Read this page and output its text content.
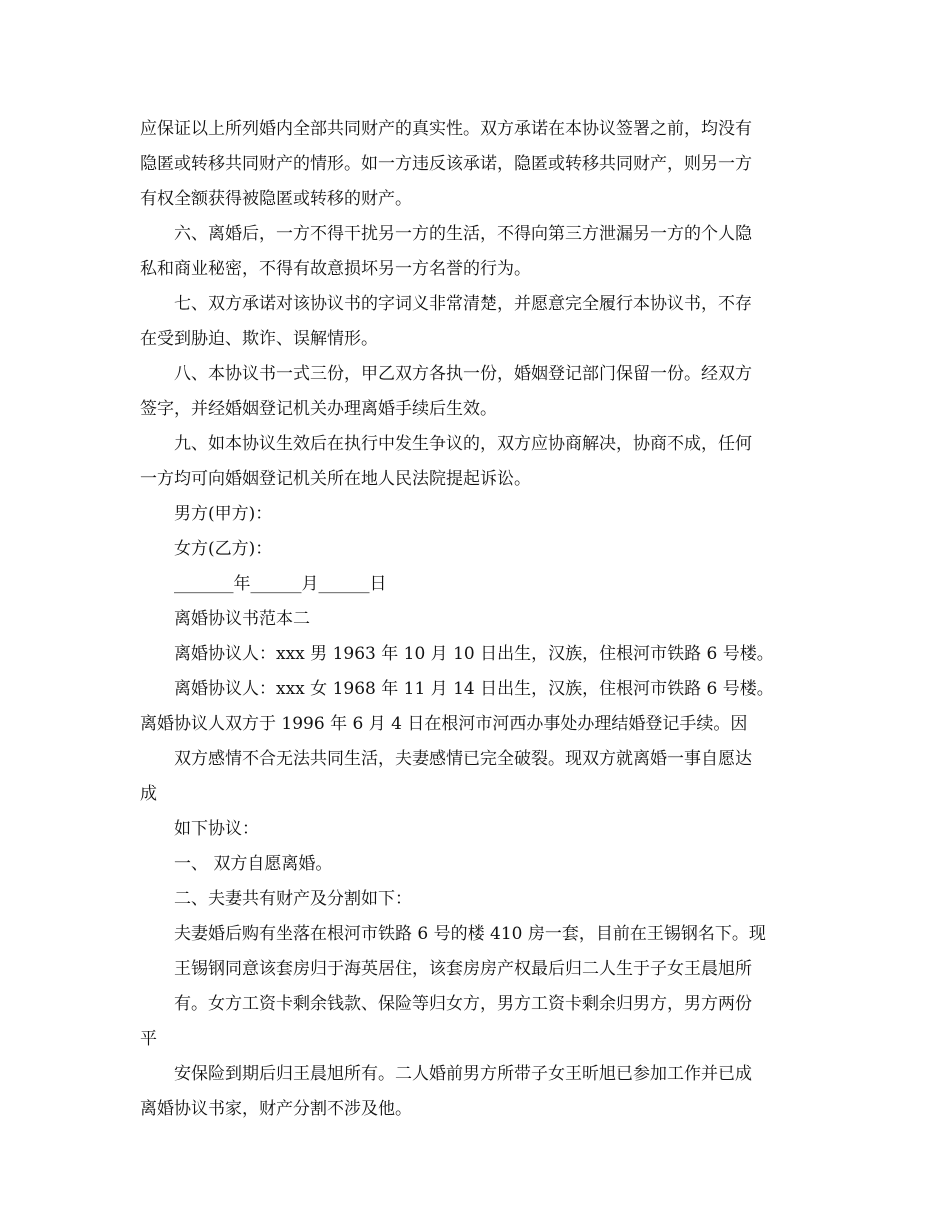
应保证以上所列婚内全部共同财产的真实性。双方承诺在本协议签署之前，均没有
隐匿或转移共同财产的情形。如一方违反该承诺，隐匿或转移共同财产，则另一方
有权全额获得被隐匿或转移的财产。
六、离婚后，一方不得干扰另一方的生活，不得向第三方泄漏另一方的个人隐
私和商业秘密，不得有故意损坏另一方名誉的行为。
七、双方承诺对该协议书的字词义非常清楚，并愿意完全履行本协议书，不存
在受到胁迫、欺诈、误解情形。
八、本协议书一式三份，甲乙双方各执一份，婚姻登记部门保留一份。经双方
签字，并经婚姻登记机关办理离婚手续后生效。
九、如本协议生效后在执行中发生争议的，双方应协商解决，协商不成，任何
一方均可向婚姻登记机关所在地人民法院提起诉讼。
男方(甲方)：
女方(乙方)：
_______年______月______日
离婚协议书范本二
离婚协议人：xxx 男 1963 年 10 月 10 日出生，汉族，住根河市铁路 6 号楼。
离婚协议人：xxx 女 1968 年 11 月 14 日出生，汉族，住根河市铁路 6 号楼。
离婚协议人双方于 1996 年 6 月 4 日在根河市河西办事处办理结婚登记手续。因
双方感情不合无法共同生活，夫妻感情已完全破裂。现双方就离婚一事自愿达
成
如下协议：
一、 双方自愿离婚。
二、夫妻共有财产及分割如下：
夫妻婚后购有坐落在根河市铁路 6 号的楼 410 房一套，目前在王锡钢名下。现
王锡钢同意该套房归于海英居住，该套房房产权最后归二人生于子女王晨旭所
有。女方工资卡剩余钱款、保险等归女方，男方工资卡剩余归男方，男方两份
平
安保险到期后归王晨旭所有。二人婚前男方所带子女王昕旭已参加工作并已成
离婚协议书家，财产分割不涉及他。
